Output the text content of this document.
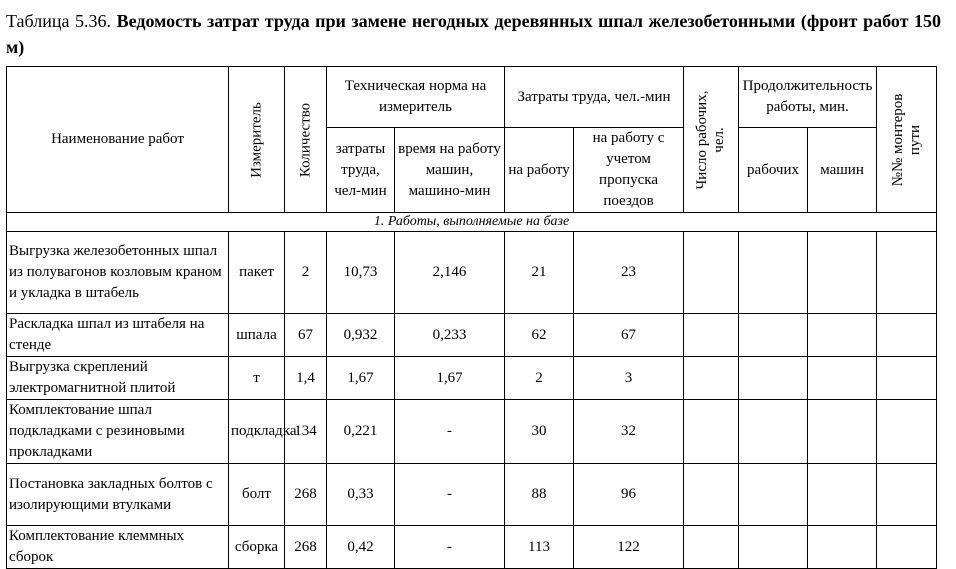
Таблица 5.36. Ведомость затрат труда при замене негодных деревянных шпал железобетонными (фронт работ 150 м)
Наименование работ	Измеритель	Количество	Техническая норма на измеритель		Затраты труда, чел.-мин		Число рабочих, чел.	Продолжительность работы, мин.		№№ монтеров пути

			затраты труда, чел-мин	время на работу машин, машино-мин	на работу	на работу с учетом пропуска поездов		рабочих	машин	
1. Работы, выполняемые на базе										
Выгрузка железобетонных шпал из полувагонов козловым краном и укладка в штабель	пакет	2	10,73	2,146	21	23				
Раскладка шпал из штабеля на стенде	шпала	67	0,932	0,233	62	67				
Выгрузка скреплений электромагнитной плитой	т	1,4	1,67	1,67	2	3				
Комплектование шпал подкладками с резиновыми прокладками	подкладка	134	0,221	-	30	32				
Постановка закладных болтов с изолирующими втулками	болт	268	0,33	-	88	96				
Комплектование клеммных сборок	сборка	268	0,42	-	113	122				
